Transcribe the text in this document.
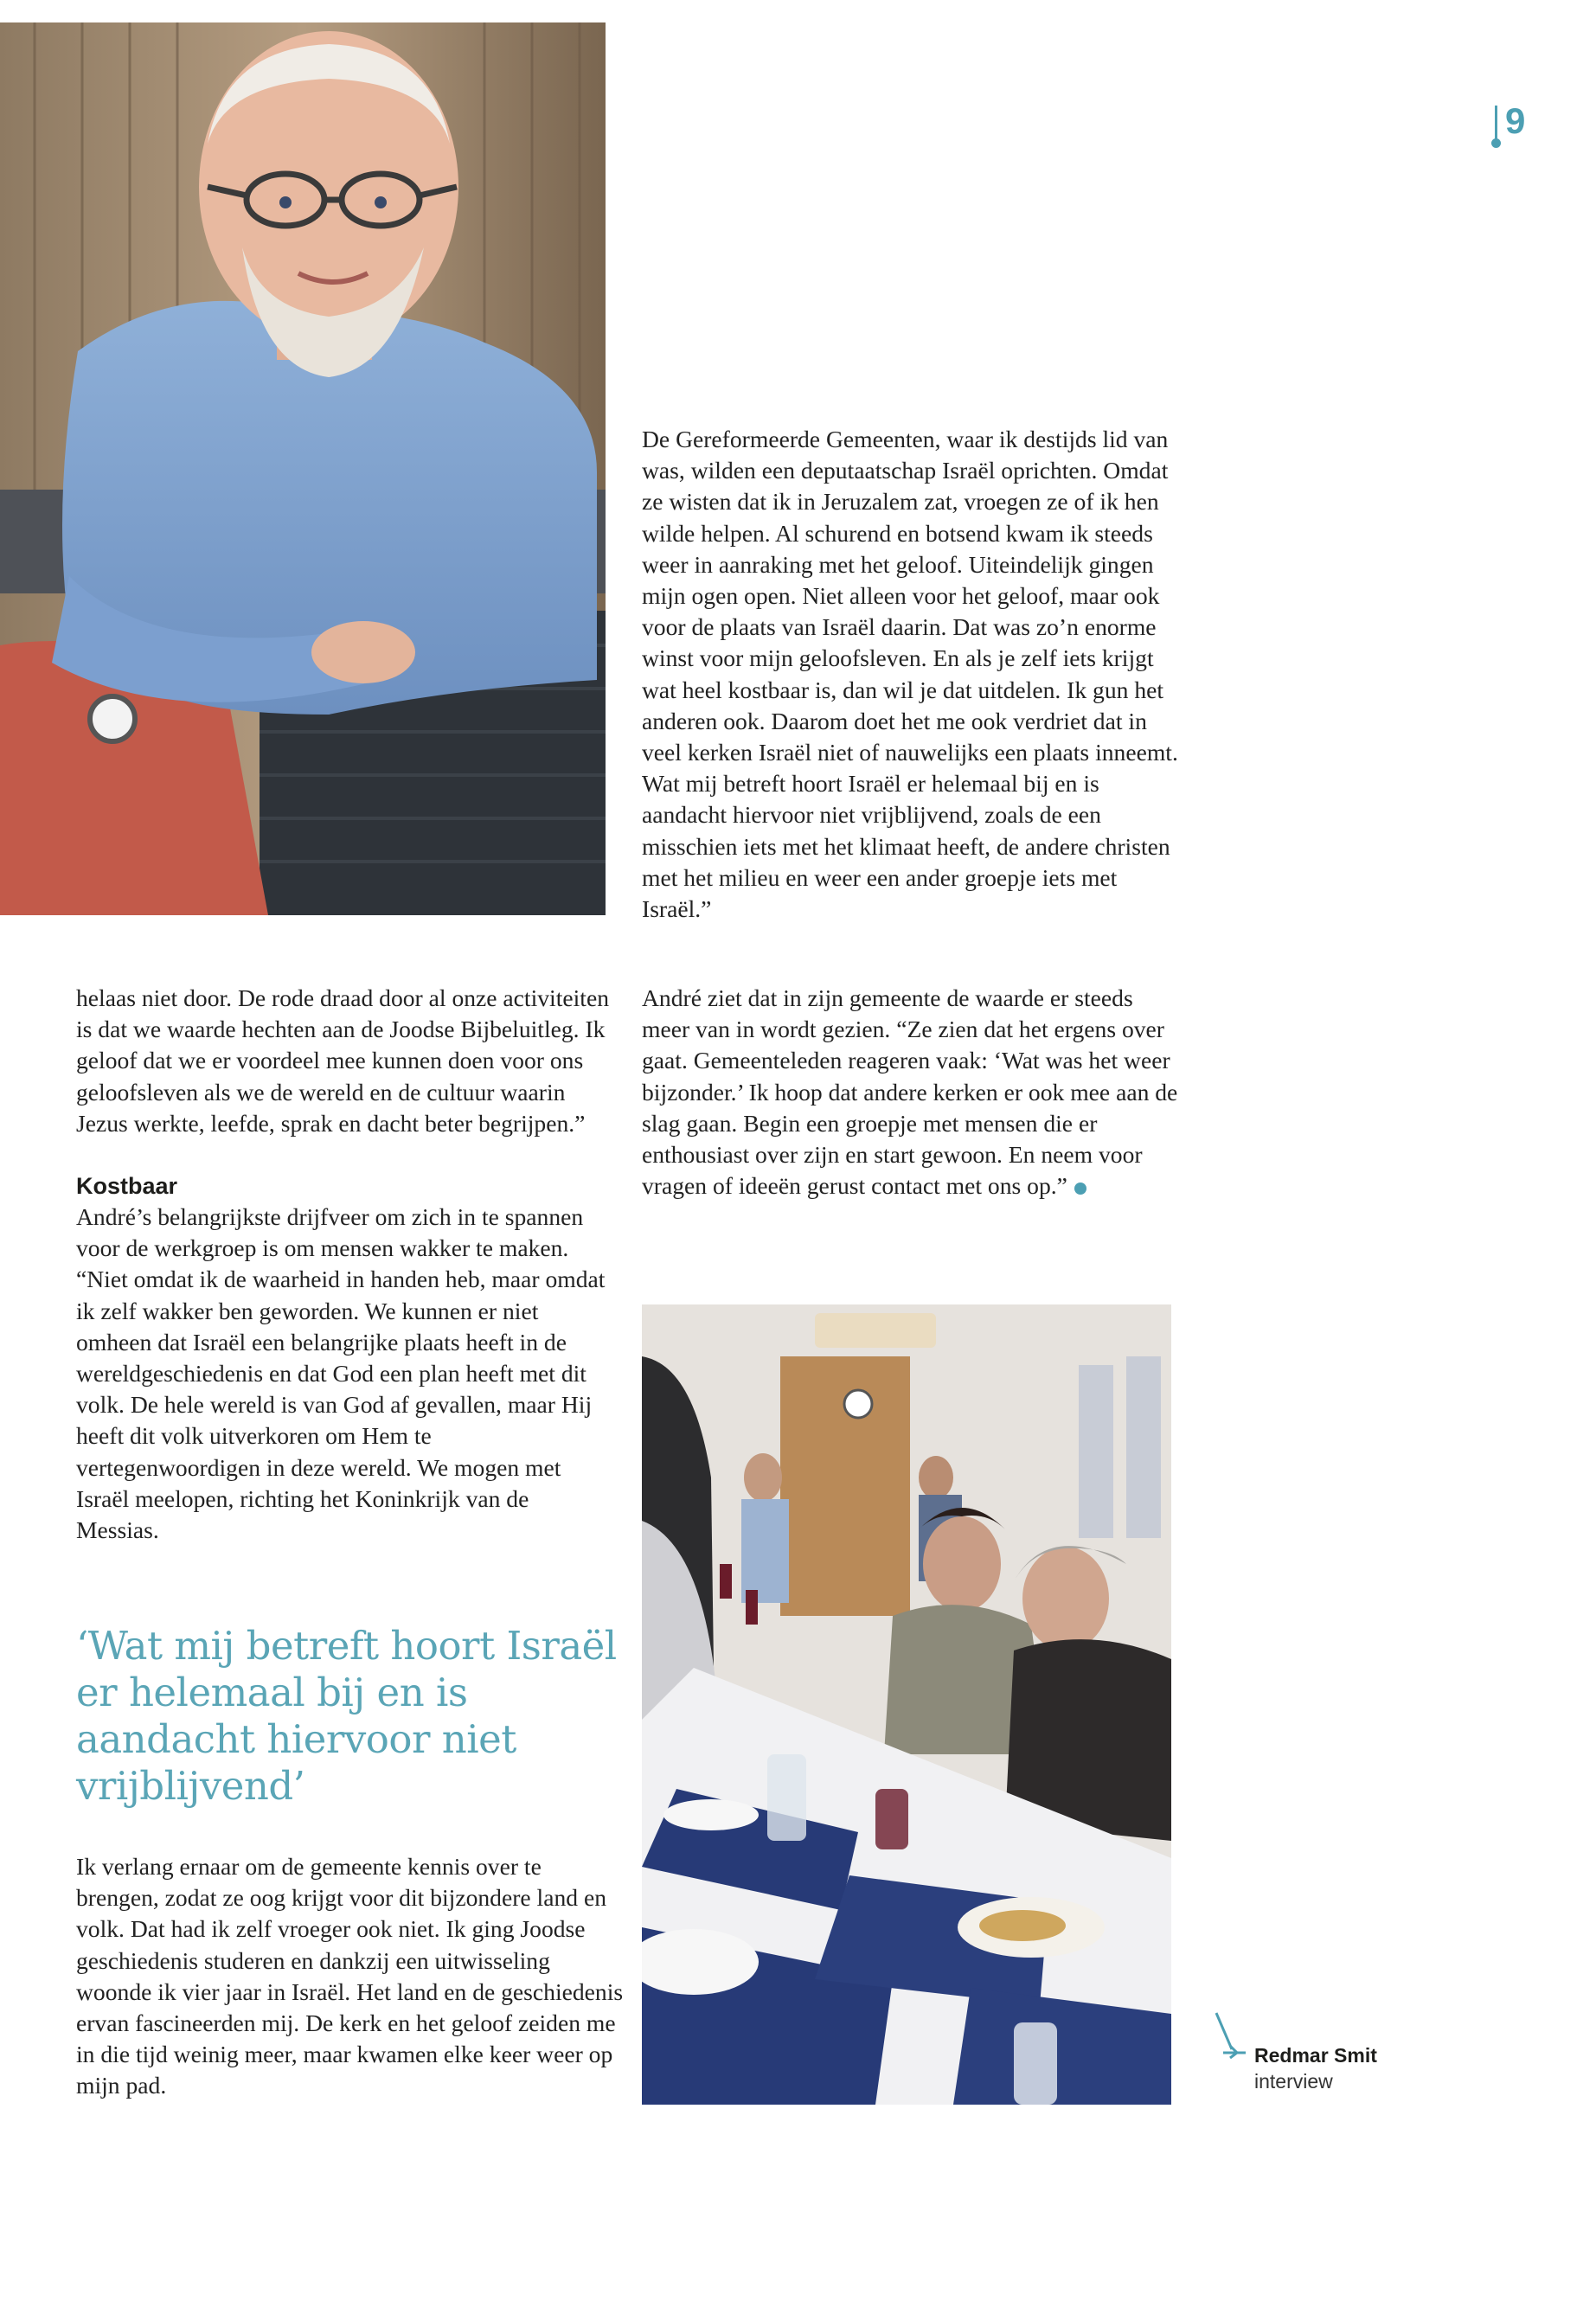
9

De Gereformeerde Gemeenten, waar ik destijds lid van was, wilden een deputaatschap Israël oprichten. Omdat ze wisten dat ik in Jeruzalem zat, vroegen ze of ik hen wilde helpen. Al schurend en botsend kwam ik steeds weer in aanraking met het geloof. Uiteindelijk gingen mijn ogen open. Niet alleen voor het geloof, maar ook voor de plaats van Israël daarin. Dat was zo’n enorme winst voor mijn geloofsleven. En als je zelf iets krijgt wat heel kostbaar is, dan wil je dat uitdelen. Ik gun het anderen ook. Daarom doet het me ook verdriet dat in veel kerken Israël niet of nauwelijks een plaats inneemt. Wat mij betreft hoort Israël er helemaal bij en is aandacht hiervoor niet vrijblijvend, zoals de een misschien iets met het klimaat heeft, de andere christen met het milieu en weer een ander groepje iets met Israël.”

André ziet dat in zijn gemeente de waarde er steeds meer van in wordt gezien. “Ze zien dat het ergens over gaat. Gemeenteleden reageren vaak: ‘Wat was het weer bijzonder.’ Ik hoop dat andere kerken er ook mee aan de slag gaan. Begin een groepje met mensen die er enthousiast over zijn en start gewoon. En neem voor vragen of ideeën gerust contact met ons op.”

helaas niet door. De rode draad door al onze activiteiten is dat we waarde hechten aan de Joodse Bijbeluitleg. Ik geloof dat we er voordeel mee kunnen doen voor ons geloofsleven als we de wereld en de cultuur waarin Jezus werkte, leefde, sprak en dacht beter begrijpen.”

Kostbaar

André’s belangrijkste drijfveer om zich in te spannen voor de werkgroep is om mensen wakker te maken. “Niet omdat ik de waarheid in handen heb, maar omdat ik zelf wakker ben geworden. We kunnen er niet omheen dat Israël een belangrijke plaats heeft in de wereldgeschiedenis en dat God een plan heeft met dit volk. De hele wereld is van God af gevallen, maar Hij heeft dit volk uitverkoren om Hem te vertegenwoordigen in deze wereld. We mogen met Israël meelopen, richting het Koninkrijk van de Messias.

‘Wat mij betreft hoort Israël er helemaal bij en is aandacht hiervoor niet vrijblijvend’

Ik verlang ernaar om de gemeente kennis over te brengen, zodat ze oog krijgt voor dit bijzondere land en volk. Dat had ik zelf vroeger ook niet. Ik ging Joodse geschiedenis studeren en dankzij een uitwisseling woonde ik vier jaar in Israël. Het land en de geschiedenis ervan fascineerden mij. De kerk en het geloof zeiden me in die tijd weinig meer, maar kwamen elke keer weer op mijn pad.

Redmar Smit
interview
